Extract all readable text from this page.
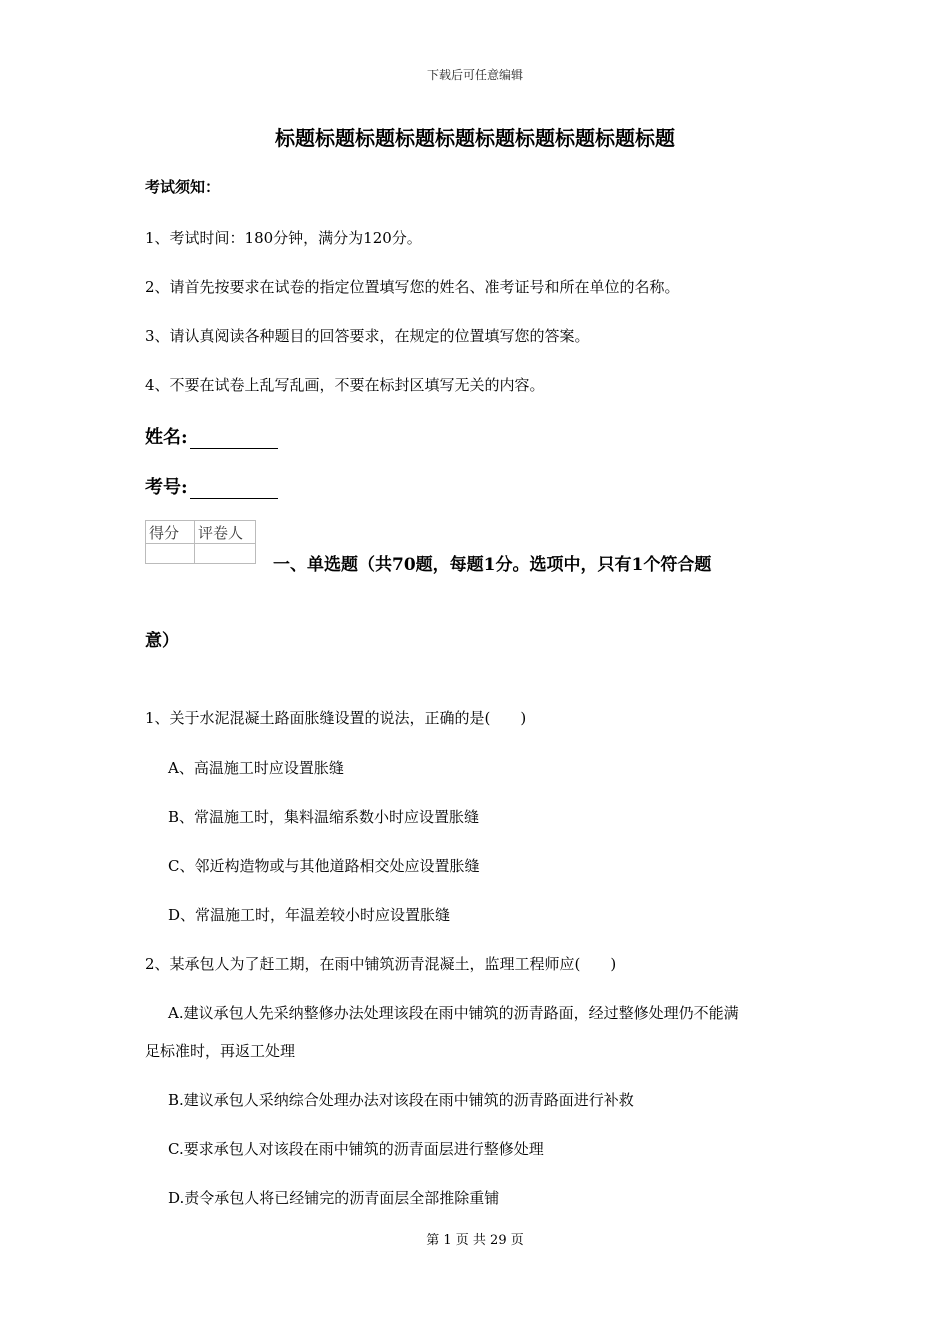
下载后可任意编辑
标题标题标题标题标题标题标题标题标题标题
考试须知：
1、考试时间：180分钟，满分为120分。
2、请首先按要求在试卷的指定位置填写您的姓名、准考证号和所在单位的名称。
3、请认真阅读各种题目的回答要求，在规定的位置填写您的答案。
4、不要在试卷上乱写乱画，不要在标封区填写无关的内容。
姓名:
考号:
得分	评卷人

一、单选题（共70题，每题1分。选项中，只有1个符合题
意）
1、关于水泥混凝土路面胀缝设置的说法，正确的是(　　)
A、高温施工时应设置胀缝
B、常温施工时，集料温缩系数小时应设置胀缝
C、邻近构造物或与其他道路相交处应设置胀缝
D、常温施工时，年温差较小时应设置胀缝
2、某承包人为了赶工期，在雨中铺筑沥青混凝土，监理工程师应(　　)
A.建议承包人先采纳整修办法处理该段在雨中铺筑的沥青路面，经过整修处理仍不能满
足标准时，再返工处理
B.建议承包人采纳综合处理办法对该段在雨中铺筑的沥青路面进行补救
C.要求承包人对该段在雨中铺筑的沥青面层进行整修处理
D.责令承包人将已经铺完的沥青面层全部推除重铺
第 1 页 共 29 页
